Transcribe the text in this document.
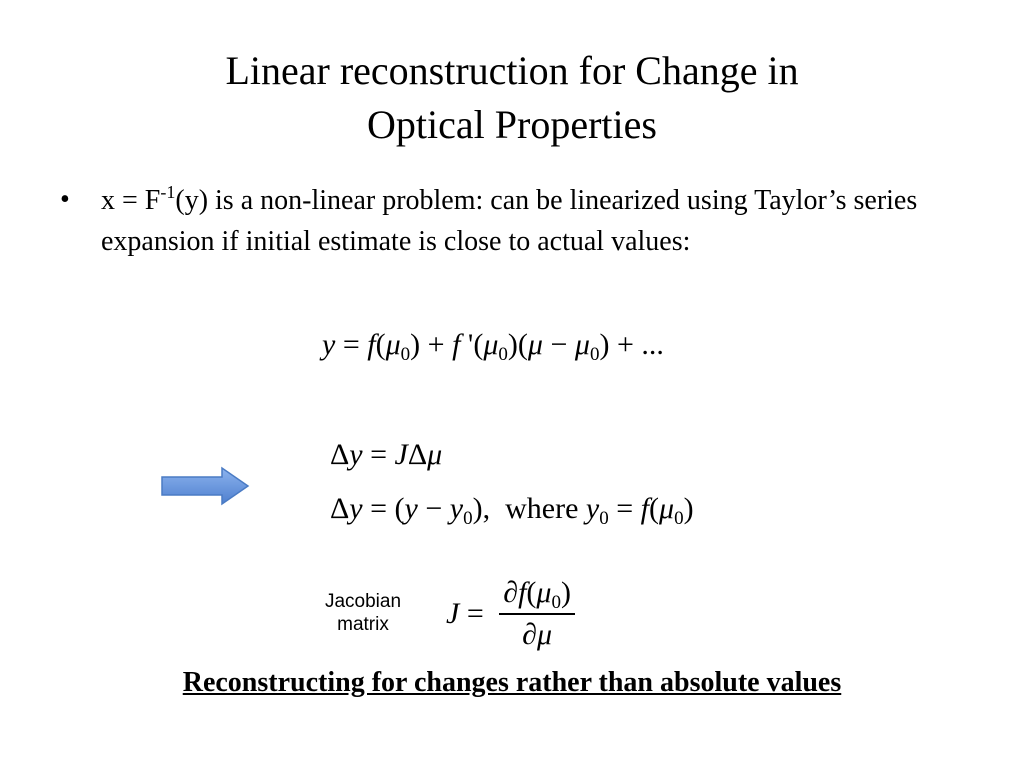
Linear reconstruction for Change in
Optical Properties
• $x = F^{-1}(y)$ is a non-linear problem: can be linearized using Taylor’s series expansion if initial estimate is close to actual values:
$y = f(\mu_0) + f$ '$(\mu_0)(\mu - \mu_0)$ + ...
Δy = JΔμ
$\Delta y = (y - y_0)$,  where $y_0 = f(\mu_0)$
Jacobian matrix	$J = \frac{\partial f(\mu_0)}{\partial\mu}$
Reconstructing for changes rather than absolute values
